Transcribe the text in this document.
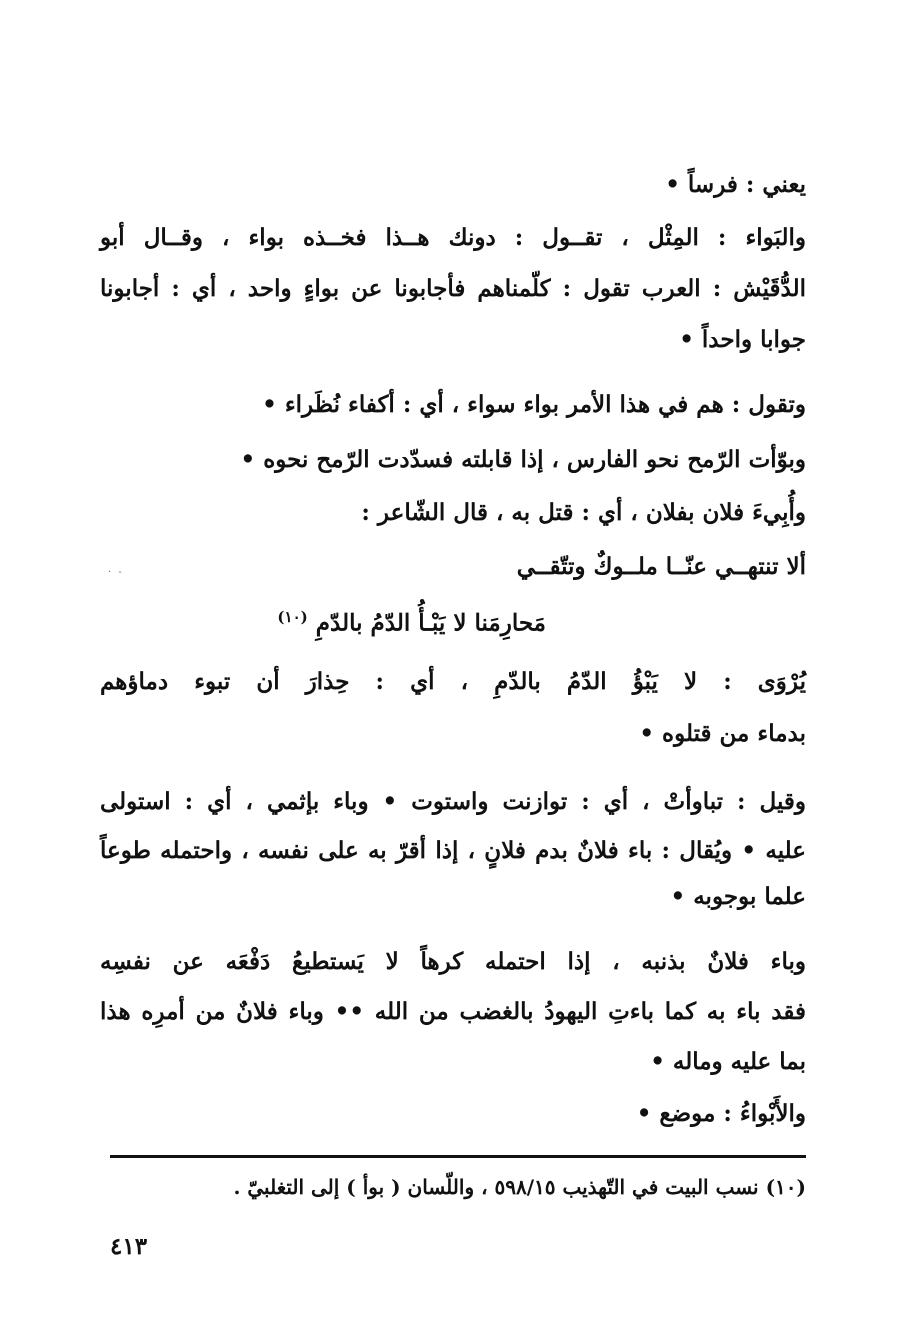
يعني : فرساً •
والبَواء : المِثْل ، تقــول : دونك هــذا فخــذه بواء ، وقــال أبو
الدُّقَيْش : العرب تقول : كلّمناهم فأجابونا عن بواءٍ واحد ، أي : أجابونا
جوابا واحداً •
وتقول : هم في هذا الأمر بواء سواء ، أي : أكفاء نُظَراء •
وبوّأت الرّمح نحو الفارس ، إذا قابلته فسدّدت الرّمح نحوه •
وأُبِيءَ فلان بفلان ، أي : قتل به ، قال الشّاعر :
ألا تنتهــي عنّــا ملــوكٌ وتتّقــي
· -
مَحارِمَنا لا يَبْـأُ الدّمُ بالدّمِ $^{(١٠)}$
يُرْوَى : لا يَبْؤُ الدّمُ بالدّمِ ، أي : حِذارَ أن تبوء دماؤهم
بدماء من قتلوه •
وقيل : تباوأتْ ، أي : توازنت واستوت • وباء بإثمي ، أي : استولى
عليه • ويُقال : باء فلانٌ بدم فلانٍ ، إذا أقرّ به على نفسه ، واحتمله طوعاً
علما بوجوبه •
وباء فلانٌ بذنبه ، إذا احتمله كرهاً لا يَستطيعُ دَفْعَه عن نفسِه
فقد باء به كما باءتِ اليهودُ بالغضب من الله •• وباء فلانٌ من أمرِه هذا
بما عليه وماله •
والأَبْواءُ : موضع •
(١٠) نسب البيت في التّهذيب ٥٩٨/١٥ ، واللّسان ( بوأ ) إلى التغلبيّ .
٤١٣
